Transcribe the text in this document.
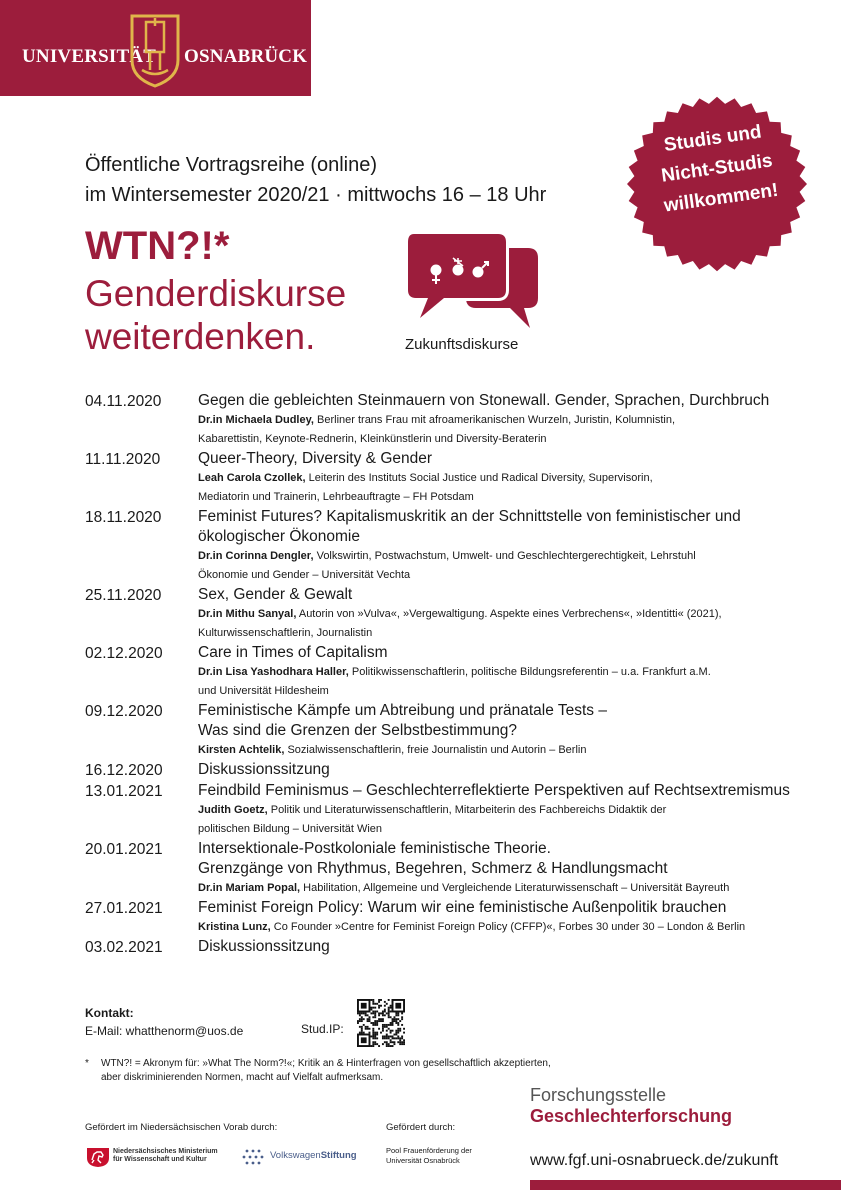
UNIVERSITÄT OSNABRÜCK
Studis und
Nicht-Studis
willkommen!
Öffentliche Vortragsreihe (online)
im Wintersemester 2020/21 · mittwochs 16 – 18 Uhr
WTN?!*
Genderdiskurse
weiterdenken.	Zukunftsdiskurse
04.11.2020	Gegen die gebleichten Steinmauern von Stonewall. Gender, Sprachen, Durchbruch
Dr.in Michaela Dudley, Berliner trans Frau mit afroamerikanischen Wurzeln, Juristin, Kolumnistin,
Kabarettistin, Keynote-Rednerin, Kleinkünstlerin und Diversity-Beraterin
11.11.2020	Queer-Theory, Diversity & Gender
Leah Carola Czollek, Leiterin des Instituts Social Justice und Radical Diversity, Supervisorin,
Mediatorin und Trainerin, Lehrbeauftragte – FH Potsdam
18.11.2020	Feminist Futures? Kapitalismuskritik an der Schnittstelle von feministischer und
ökologischer Ökonomie
Dr.in Corinna Dengler, Volkswirtin, Postwachstum, Umwelt- und Geschlechtergerechtigkeit, Lehrstuhl
Ökonomie und Gender – Universität Vechta
25.11.2020	Sex, Gender & Gewalt
Dr.in Mithu Sanyal, Autorin von »Vulva«, »Vergewaltigung. Aspekte eines Verbrechens«, »Identitti« (2021),
Kulturwissenschaftlerin, Journalistin
02.12.2020	Care in Times of Capitalism
Dr.in Lisa Yashodhara Haller, Politikwissenschaftlerin, politische Bildungsreferentin – u.a. Frankfurt a.M.
und Universität Hildesheim
09.12.2020	Feministische Kämpfe um Abtreibung und pränatale Tests –
Was sind die Grenzen der Selbstbestimmung?
Kirsten Achtelik, Sozialwissenschaftlerin, freie Journalistin und Autorin – Berlin
16.12.2020	Diskussionssitzung
13.01.2021	Feindbild Feminismus – Geschlechterreflektierte Perspektiven auf Rechtsextremismus
Judith Goetz, Politik und Literaturwissenschaftlerin, Mitarbeiterin des Fachbereichs Didaktik der
politischen Bildung – Universität Wien
20.01.2021	Intersektionale-Postkoloniale feministische Theorie.
Grenzgänge von Rhythmus, Begehren, Schmerz & Handlungsmacht
Dr.in Mariam Popal, Habilitation, Allgemeine und Vergleichende Literaturwissenschaft – Universität Bayreuth
27.01.2021	Feminist Foreign Policy: Warum wir eine feministische Außenpolitik brauchen
Kristina Lunz, Co Founder »Centre for Feminist Foreign Policy (CFFP)«, Forbes 30 under 30 – London & Berlin
03.02.2021	Diskussionssitzung
Kontakt:
E-Mail: whatthenorm@uos.de	Stud.IP:
*	WTN?! = Akronym für: »What The Norm?!«; Kritik an & Hinterfragen von gesellschaftlich akzeptierten,
aber diskriminierenden Normen, macht auf Vielfalt aufmerksam.
Forschungsstelle
Geschlechterforschung
www.fgf.uni-osnabrueck.de/zukunft
Gefördert im Niedersächsischen Vorab durch:	Gefördert durch:
Niedersächsisches Ministerium
für Wissenschaft und Kultur	VolkswagenStiftung	Pool Frauenförderung der
Universität Osnabrück
